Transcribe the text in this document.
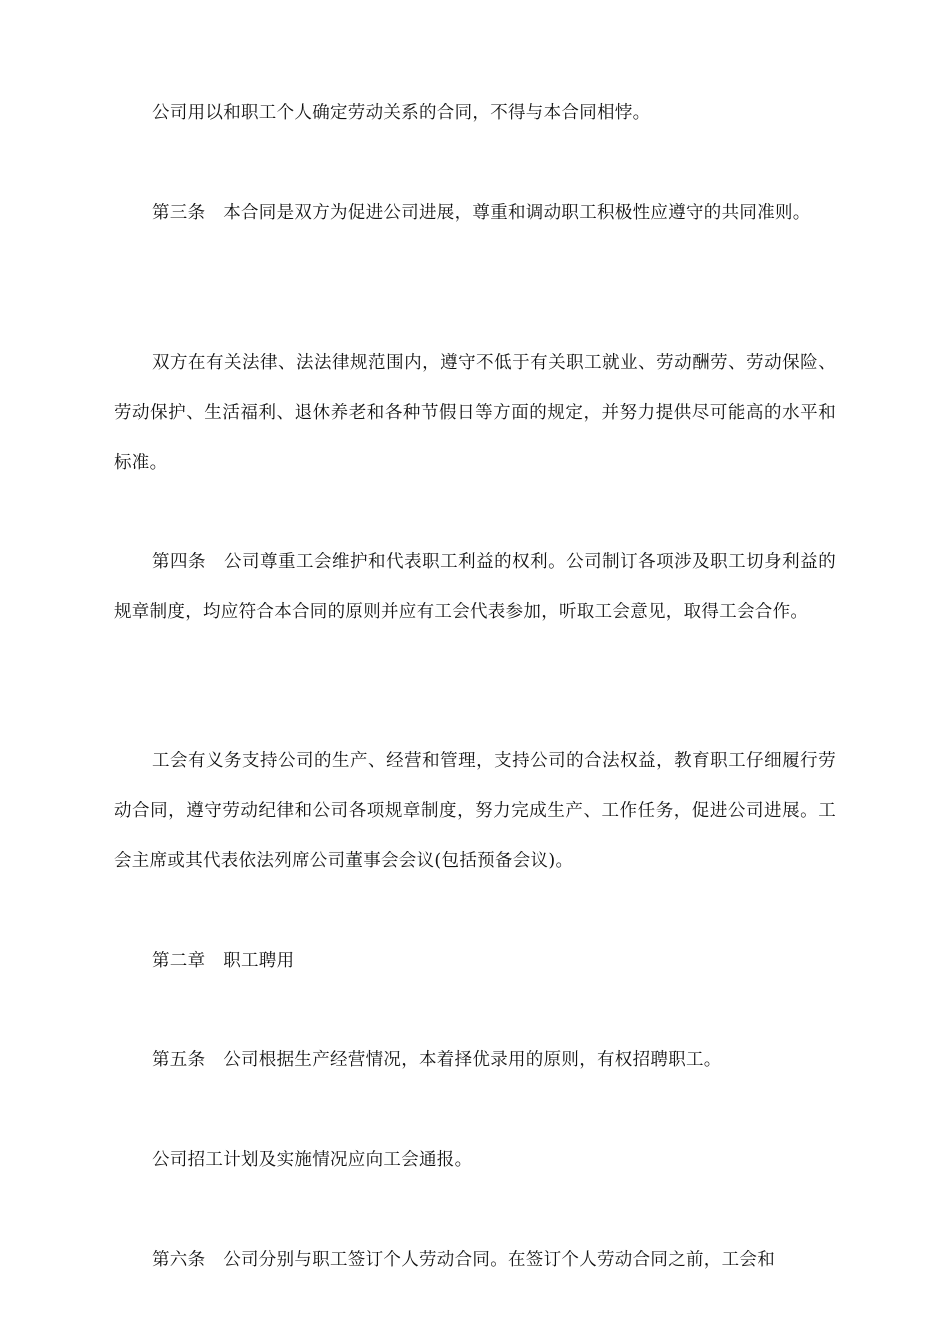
公司用以和职工个人确定劳动关系的合同，不得与本合同相悖。

第三条　本合同是双方为促进公司进展，尊重和调动职工积极性应遵守的共同准则。

双方在有关法律、法法律规范围内，遵守不低于有关职工就业、劳动酬劳、劳动保险、劳动保护、生活福利、退休养老和各种节假日等方面的规定，并努力提供尽可能高的水平和标准。

第四条　公司尊重工会维护和代表职工利益的权利。公司制订各项涉及职工切身利益的规章制度，均应符合本合同的原则并应有工会代表参加，听取工会意见，取得工会合作。

工会有义务支持公司的生产、经营和管理，支持公司的合法权益，教育职工仔细履行劳动合同，遵守劳动纪律和公司各项规章制度，努力完成生产、工作任务，促进公司进展。工会主席或其代表依法列席公司董事会会议(包括预备会议)。

第二章　职工聘用

第五条　公司根据生产经营情况，本着择优录用的原则，有权招聘职工。

公司招工计划及实施情况应向工会通报。

第六条　公司分别与职工签订个人劳动合同。在签订个人劳动合同之前，工会和
